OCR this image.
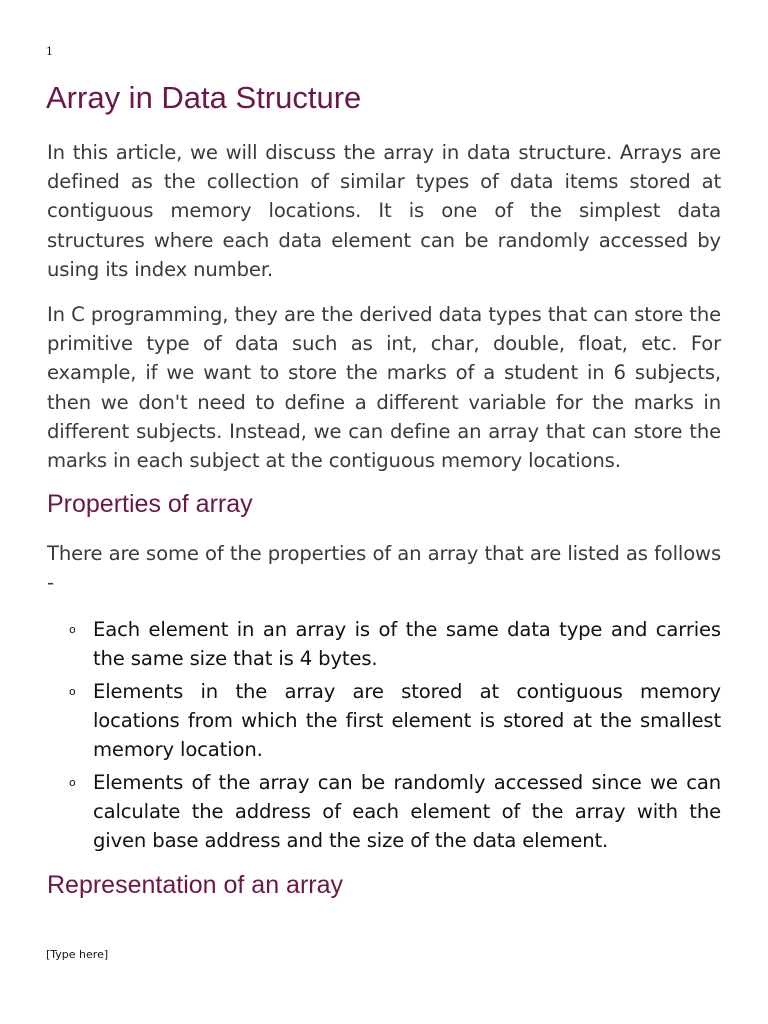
1
Array in Data Structure

In this article, we will discuss the array in data structure. Arrays are defined as the collection of similar types of data items stored at contiguous memory locations. It is one of the simplest data structures where each data element can be randomly accessed by using its index number.

In C programming, they are the derived data types that can store the primitive type of data such as int, char, double, float, etc. For example, if we want to store the marks of a student in 6 subjects, then we don't need to define a different variable for the marks in different subjects. Instead, we can define an array that can store the marks in each subject at the contiguous memory locations.

Properties of array

There are some of the properties of an array that are listed as follows -

o Each element in an array is of the same data type and carries the same size that is 4 bytes.
o Elements in the array are stored at contiguous memory locations from which the first element is stored at the smallest memory location.
o Elements of the array can be randomly accessed since we can calculate the address of each element of the array with the given base address and the size of the data element.
Representation of an array
[Type here]
